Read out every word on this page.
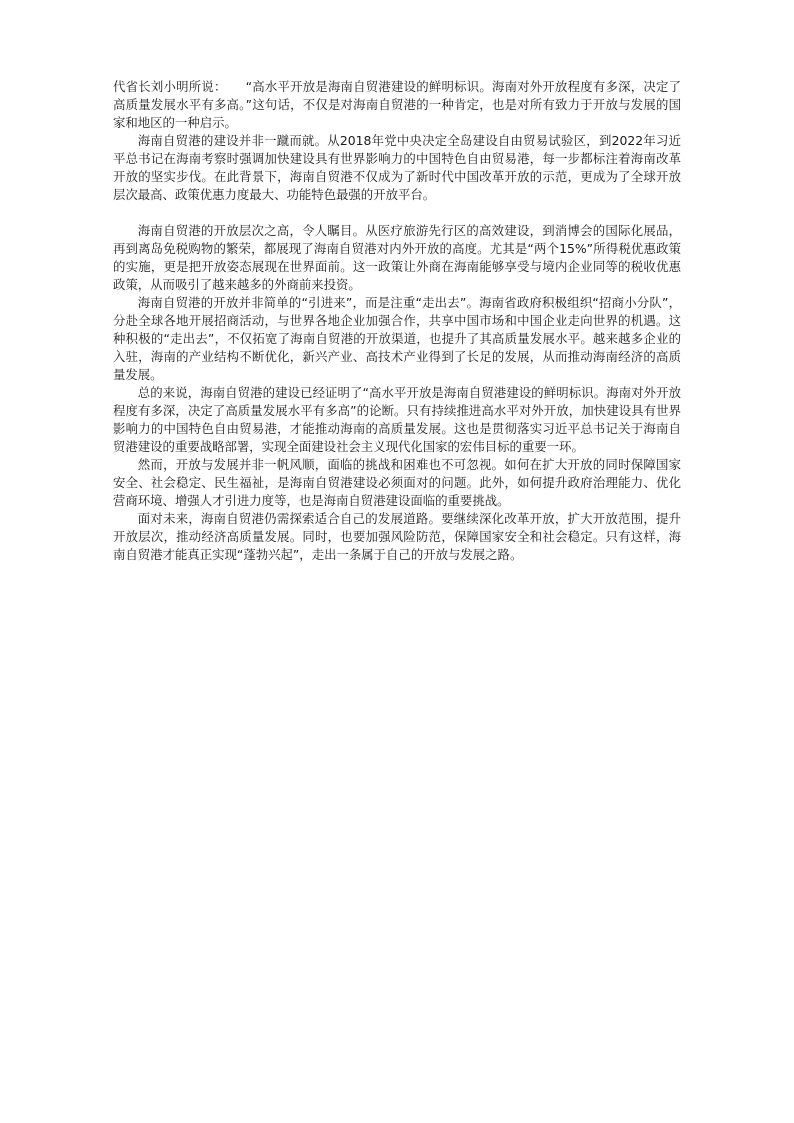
代省长刘小明所说：　　“高水平开放是海南自贸港建设的鲜明标识。海南对外开放程度有多深，决定了高质量发展水平有多高。”这句话，不仅是对海南自贸港的一种肯定，也是对所有致力于开放与发展的国家和地区的一种启示。

海南自贸港的建设并非一蹴而就。从2018年党中央决定全岛建设自由贸易试验区，到2022年习近平总书记在海南考察时强调加快建设具有世界影响力的中国特色自由贸易港，每一步都标注着海南改革开放的坚实步伐。在此背景下，海南自贸港不仅成为了新时代中国改革开放的示范，更成为了全球开放层次最高、政策优惠力度最大、功能特色最强的开放平台。

海南自贸港的开放层次之高，令人瞩目。从医疗旅游先行区的高效建设，到消博会的国际化展品，再到离岛免税购物的繁荣，都展现了海南自贸港对内外开放的高度。尤其是“两个15%”所得税优惠政策的实施，更是把开放姿态展现在世界面前。这一政策让外商在海南能够享受与境内企业同等的税收优惠政策，从而吸引了越来越多的外商前来投资。

海南自贸港的开放并非简单的“引进来”，而是注重“走出去”。海南省政府积极组织“招商小分队”，分赴全球各地开展招商活动，与世界各地企业加强合作，共享中国市场和中国企业走向世界的机遇。这种积极的“走出去”，不仅拓宽了海南自贸港的开放渠道，也提升了其高质量发展水平。越来越多企业的入驻，海南的产业结构不断优化，新兴产业、高技术产业得到了长足的发展，从而推动海南经济的高质量发展。

总的来说，海南自贸港的建设已经证明了“高水平开放是海南自贸港建设的鲜明标识。海南对外开放程度有多深，决定了高质量发展水平有多高”的论断。只有持续推进高水平对外开放，加快建设具有世界影响力的中国特色自由贸易港，才能推动海南的高质量发展。这也是贯彻落实习近平总书记关于海南自贸港建设的重要战略部署，实现全面建设社会主义现代化国家的宏伟目标的重要一环。

然而，开放与发展并非一帆风顺，面临的挑战和困难也不可忽视。如何在扩大开放的同时保障国家安全、社会稳定、民生福祉，是海南自贸港建设必须面对的问题。此外，如何提升政府治理能力、优化营商环境、增强人才引进力度等，也是海南自贸港建设面临的重要挑战。

面对未来，海南自贸港仍需探索适合自己的发展道路。要继续深化改革开放，扩大开放范围，提升开放层次，推动经济高质量发展。同时，也要加强风险防范，保障国家安全和社会稳定。只有这样，海南自贸港才能真正实现“蓬勃兴起”，走出一条属于自己的开放与发展之路。
